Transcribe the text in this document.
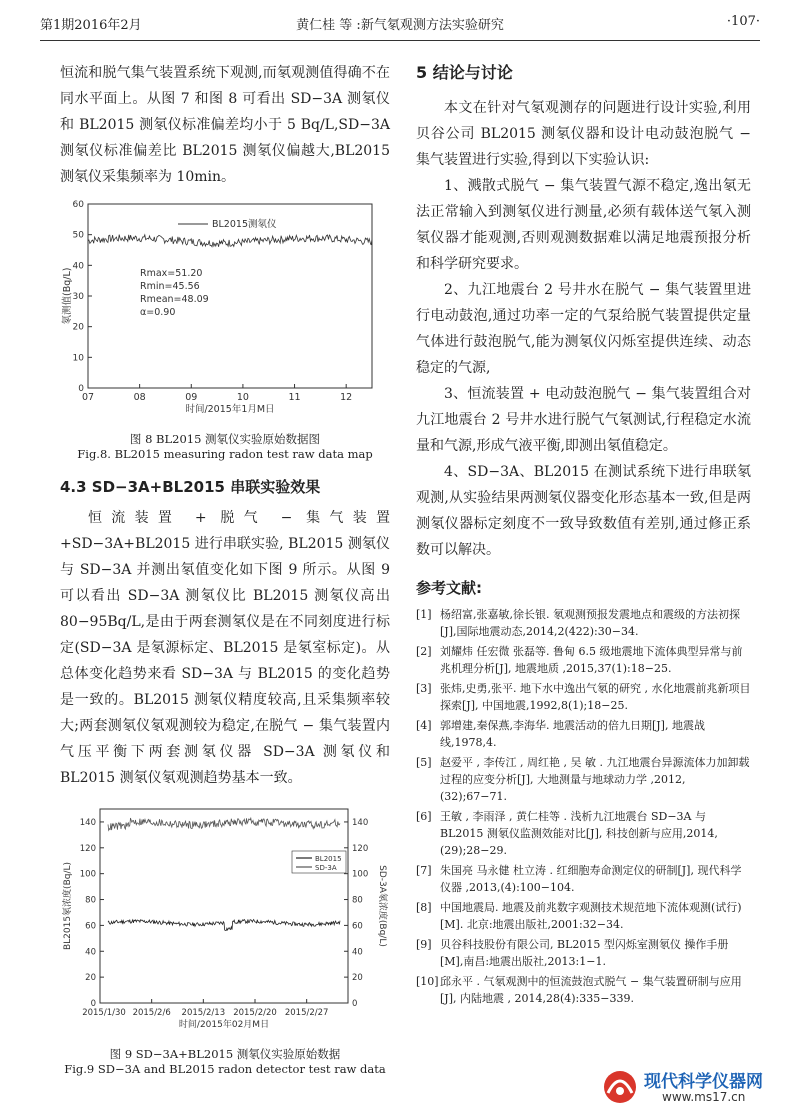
第1期2016年2月	黄仁桂 等 :新气氡观测方法实验研究	·107·

恒流和脱气集气装置系统下观测,而氡观测值得确不在同水平面上。从图 7 和图 8 可看出 SD−3A 测氡仪和 BL2015 测氡仪标准偏差均小于 5 Bq/L,SD−3A 测氡仪标准偏差比 BL2015 测氡仪偏越大,BL2015 测氡仪采集频率为 10min。

0
10
20
30
40
50
60
07	08	09	10	11	12
时间/2015年1月M日
氡测值(Bq/L)
BL2015测氡仪
Rmax=51.20
Rmin=45.56
Rmean=48.09
α=0.90
图 8 BL2015 测氡仪实验原始数据图
Fig.8. BL2015 measuring radon test raw data map
4.3 SD−3A+BL2015 串联实验效果

恒流装置 + 脱气 − 集气装置 +SD−3A+BL2015 进行串联实验, BL2015 测氡仪与 SD−3A 并测出氡值变化如下图 9 所示。从图 9 可以看出 SD−3A 测氡仪比 BL2015 测氡仪高出 80−95Bq/L,是由于两套测氡仪是在不同刻度进行标定(SD−3A 是氡源标定、BL2015 是氡室标定)。从总体变化趋势来看 SD−3A 与 BL2015 的变化趋势是一致的。BL2015 测氡仪精度较高,且采集频率较大;两套测氡仪氡观测较为稳定,在脱气 − 集气装置内气压平衡下两套测氡仪器 SD−3A 测氡仪和 BL2015 测氡仪氡观测趋势基本一致。

0	0
20	20
40	40
60	60
80	80
100	100
120	120
140	140
2015/1/30 2015/2/6 2015/2/13 2015/2/20 2015/2/27
时间/2015年02月M日
BL2015氡浓度(Bq/L)	SD-3A氡浓度(Bq/L)
BL2015
SD-3A
图 9 SD−3A+BL2015 测氡仪实验原始数据
Fig.9 SD−3A and BL2015 radon detector test raw data
5 结论与讨论

本文在针对气氡观测存的问题进行设计实验,利用贝谷公司 BL2015 测氡仪器和设计电动鼓泡脱气 − 集气装置进行实验,得到以下实验认识:

1、溅散式脱气 − 集气装置气源不稳定,逸出氡无法正常输入到测氡仪进行测量,必须有载体送气氡入测氡仪器才能观测,否则观测数据难以满足地震预报分析和科学研究要求。

2、九江地震台 2 号井水在脱气 − 集气装置里进行电动鼓泡,通过功率一定的气泵给脱气装置提供定量气体进行鼓泡脱气,能为测氡仪闪烁室提供连续、动态稳定的气源,

3、恒流装置 + 电动鼓泡脱气 − 集气装置组合对九江地震台 2 号井水进行脱气气氡测试,行程稳定水流量和气源,形成气液平衡,即测出氡值稳定。

4、SD−3A、BL2015 在测试系统下进行串联氡观测,从实验结果两测氡仪器变化形态基本一致,但是两测氡仪器标定刻度不一致导致数值有差别,通过修正系数可以解决。

参考文献:
[1] 杨绍富,张嘉敏,徐长银. 氡观测预报发震地点和震级的方法初探[J],国际地震动态,2014,2(422):30−34.
[2] 刘耀炜 任宏微 张磊等. 鲁甸 6.5 级地震地下流体典型异常与前兆机理分析[J], 地震地质 ,2015,37(1):18−25.
[3] 张炜,史勇,张平. 地下水中逸出气氡的研究 , 水化地震前兆新项目探索[J], 中国地震,1992,8(1);18−25.
[4] 郭增建,秦保燕,李海华. 地震活动的倍九日期[J], 地震战线,1978,4.
[5] 赵爱平 , 李传江 , 周红艳 , 吴 敏 . 九江地震台异源流体力加卸载过程的应变分析[J], 大地测量与地球动力学 ,2012,(32);67−71.
[6] 王敏 , 李雨泽 , 黄仁桂等 . 浅析九江地震台 SD−3A 与 BL2015 测氡仪监测效能对比[J], 科技创新与应用,2014,(29);28−29.
[7] 朱国亮 马永健 杜立涛 . 红细胞寿命测定仪的研制[J], 现代科学仪器 ,2013,(4):100−104.
[8] 中国地震局. 地震及前兆数字观测技术规范地下流体观测(试行)[M]. 北京:地震出版社,2001:32−34.
[9] 贝谷科技股份有限公司, BL2015 型闪烁室测氡仪 操作手册[M],南昌:地震出版社,2013:1−1.
[10] 邱永平 . 气氡观测中的恒流鼓泡式脱气 − 集气装置研制与应用[J], 内陆地震 , 2014,28(4):335−339.
现代科学仪器网
www.ms17.cn
